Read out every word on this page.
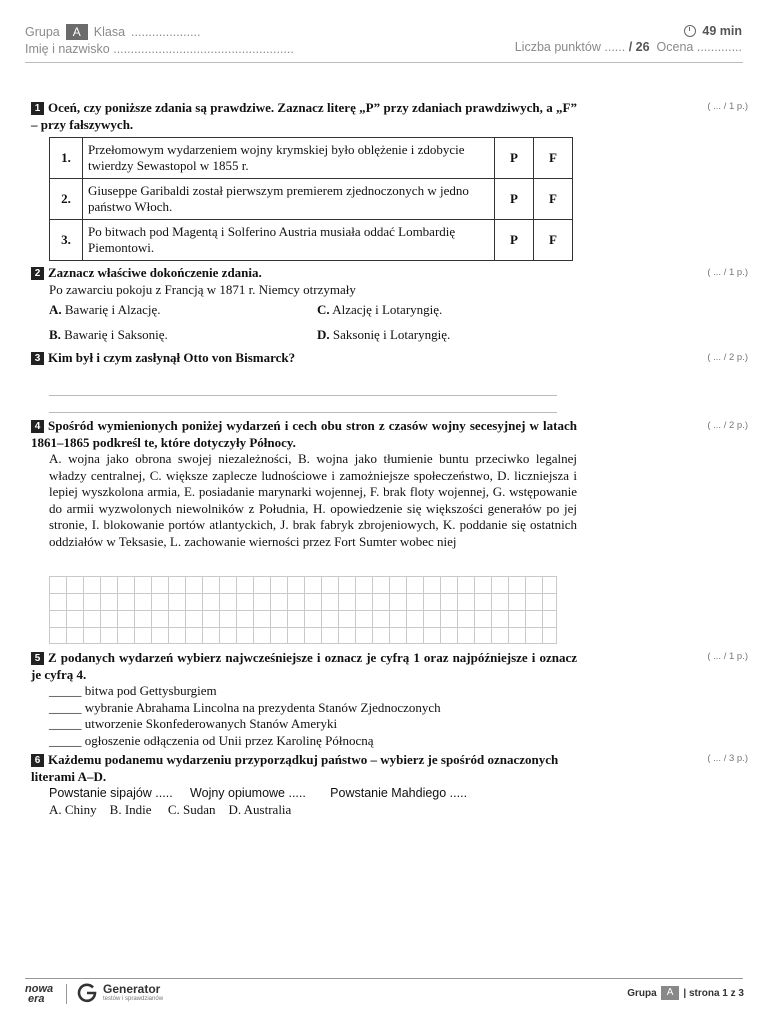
Grupa	A	Klasa ....................
Imię i nazwisko ....................................................
49 min
Liczba punktów ...... / 26 Ocena .............
1 Oceń, czy poniższe zdania są prawdziwe. Zaznacz literę „P” przy zdaniach prawdziwych, a „F” – przy fałszywych.
1.	Przełomowym wydarzeniem wojny krymskiej było oblężenie i zdobycie twierdzy Sewastopol w 1855 r.	P	F
2.	Giuseppe Garibaldi został pierwszym premierem zjednoczonych w jedno państwo Włoch.	P	F
3.	Po bitwach pod Magentą i Solferino Austria musiała oddać Lombardię Piemontowi.	P	F
( ... / 1 p.)
2 Zaznacz właściwe dokończenie zdania.
Po zawarciu pokoju z Francją w 1871 r. Niemcy otrzymały
A. Bawarię i Alzację.	C. Alzację i Lotaryngię.
B. Bawarię i Saksonię.	D. Saksonię i Lotaryngię.
( ... / 1 p.)
3 Kim był i czym zasłynął Otto von Bismarck?	( ... / 2 p.)
4 Spośród wymienionych poniżej wydarzeń i cech obu stron z czasów wojny secesyjnej w latach 1861–1865 podkreśl te, które dotyczyły Północy.
A. wojna jako obrona swojej niezależności, B. wojna jako tłumienie buntu przeciwko legalnej władzy centralnej, C. większe zaplecze ludnościowe i zamożniejsze społeczeństwo, D. liczniejsza i lepiej wyszkolona armia, E. posiadanie marynarki wojennej, F. brak floty wojennej, G. wstępowanie do armii wyzwolonych niewolników z Południa, H. opowiedzenie się większości generałów po jej stronie, I. blokowanie portów atlantyckich, J. brak fabryk zbrojeniowych, K. poddanie się ostatnich oddziałów w Teksasie, L. zachowanie wierności przez Fort Sumter wobec niej
( ... / 2 p.)
5 Z podanych wydarzeń wybierz najwcześniejsze i oznacz je cyfrą 1 oraz najpóźniejsze i oznacz je cyfrą 4.
_____ bitwa pod Gettysburgiem
_____ wybranie Abrahama Lincolna na prezydenta Stanów Zjednoczonych
_____ utworzenie Skonfederowanych Stanów Ameryki
_____ ogłoszenie odłączenia od Unii przez Karolinę Północną
( ... / 1 p.)
6 Każdemu podanemu wydarzeniu przyporządkuj państwo – wybierz je spośród oznaczonych literami A–D.
Powstanie sipajów ..... Wojny opiumowe ..... Powstanie Mahdiego .....
A. Chiny B. Indie C. Sudan D. Australia
( ... / 3 p.)
nowa
era
Generator
testów i sprawdzianów
Grupa	A	| strona 1 z 3
